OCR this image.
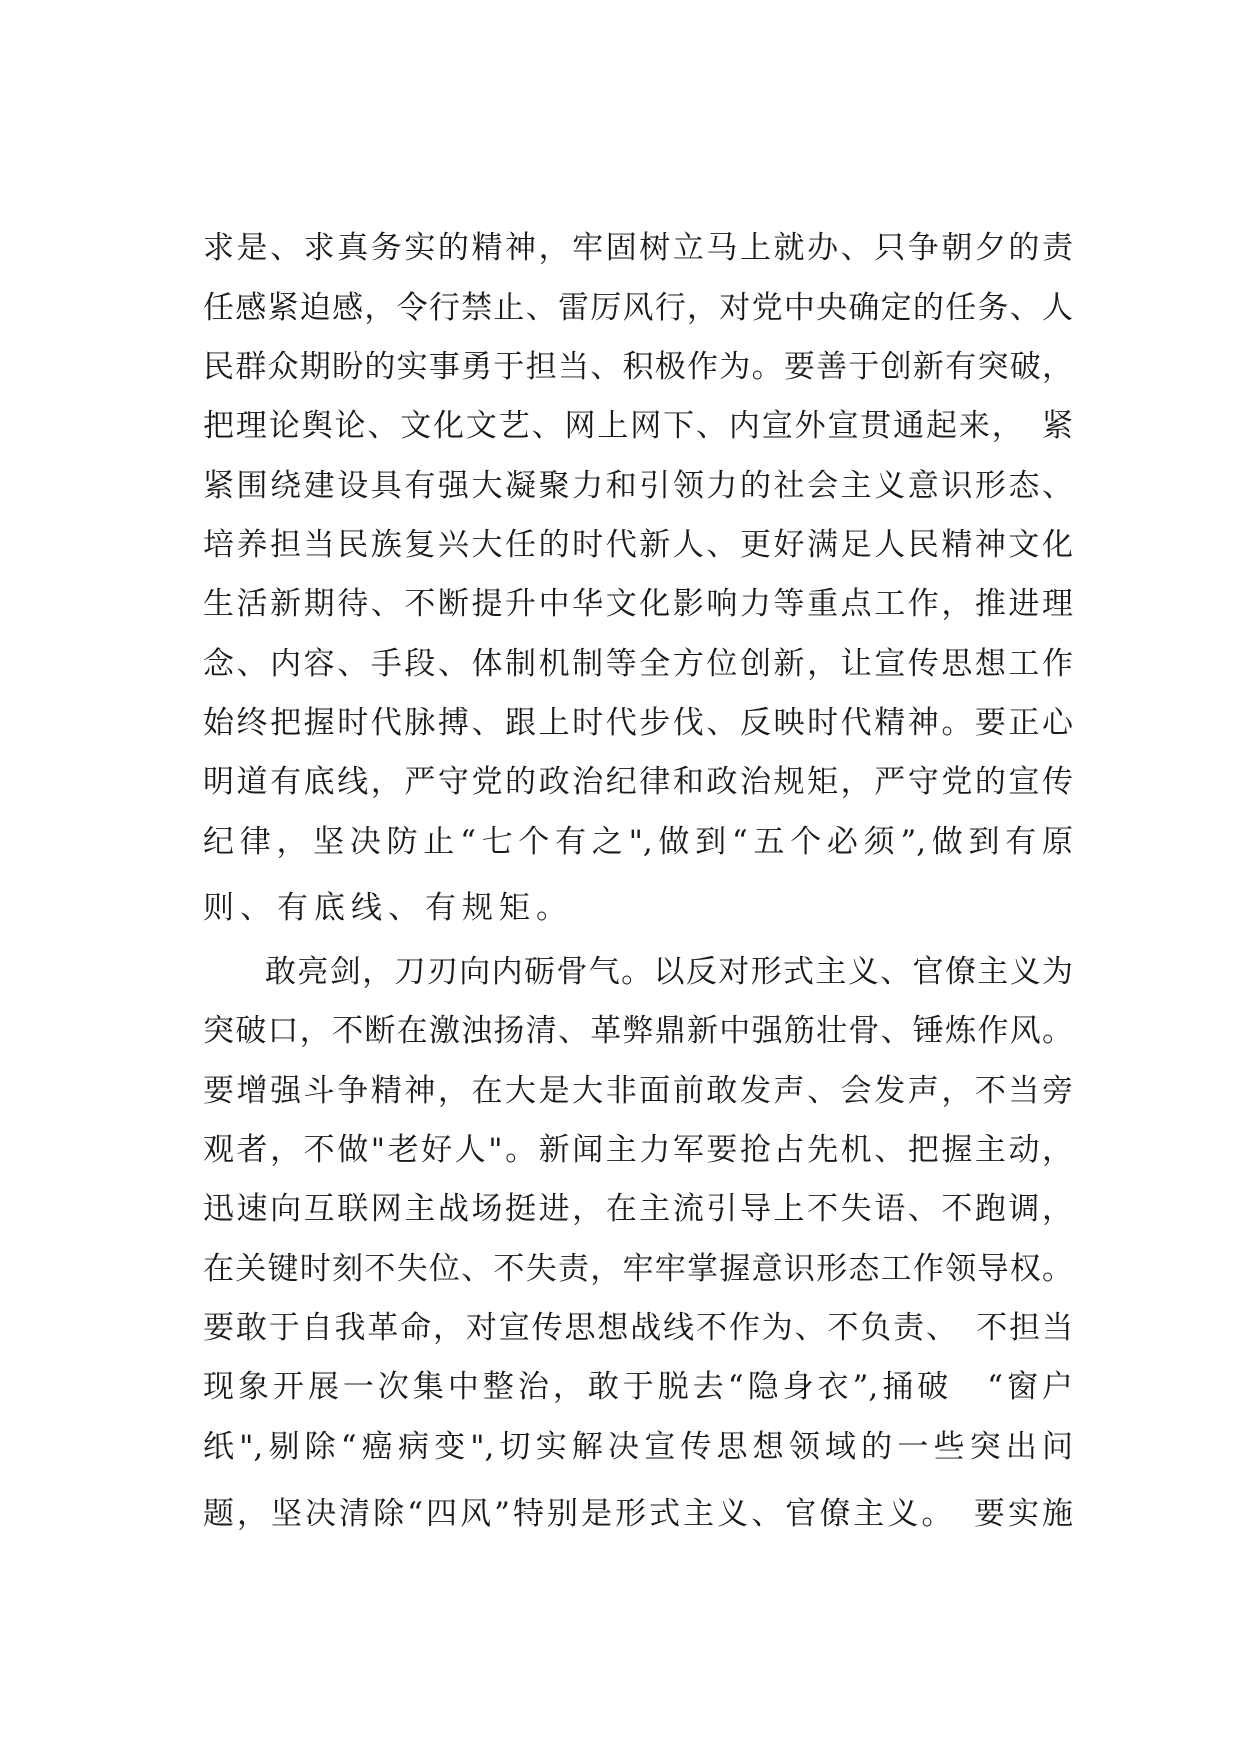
求是、求真务实的精神，牢固树立马上就办、只争朝夕的责
任感紧迫感，令行禁止、雷厉风行，对党中央确定的任务、人
民群众期盼的实事勇于担当、积极作为。要善于创新有突破，
把理论舆论、文化文艺、网上网下、内宣外宣贯通起来，　紧
紧围绕建设具有强大凝聚力和引领力的社会主义意识形态、
培养担当民族复兴大任的时代新人、更好满足人民精神文化
生活新期待、不断提升中华文化影响力等重点工作，推进理
念、内容、手段、体制机制等全方位创新，让宣传思想工作
始终把握时代脉搏、跟上时代步伐、反映时代精神。要正心
明道有底线，严守党的政治纪律和政治规矩，严守党的宣传
纪律，坚决防止“七个有之",做到“五个必须”,做到有原
则、有底线、有规矩。
敢亮剑，刀刃向内砺骨气。以反对形式主义、官僚主义为
突破口，不断在激浊扬清、革弊鼎新中强筋壮骨、锤炼作风。
要增强斗争精神，在大是大非面前敢发声、会发声，不当旁
观者，不做"老好人"。新闻主力军要抢占先机、把握主动，
迅速向互联网主战场挺进，在主流引导上不失语、不跑调，
在关键时刻不失位、不失责，牢牢掌握意识形态工作领导权。
要敢于自我革命，对宣传思想战线不作为、不负责、　不担当
现象开展一次集中整治，敢于脱去“隐身衣”,捅破　“窗户
纸",剔除“癌病变",切实解决宣传思想领域的一些突出问
题，坚决清除“四风”特别是形式主义、官僚主义。　要实施
